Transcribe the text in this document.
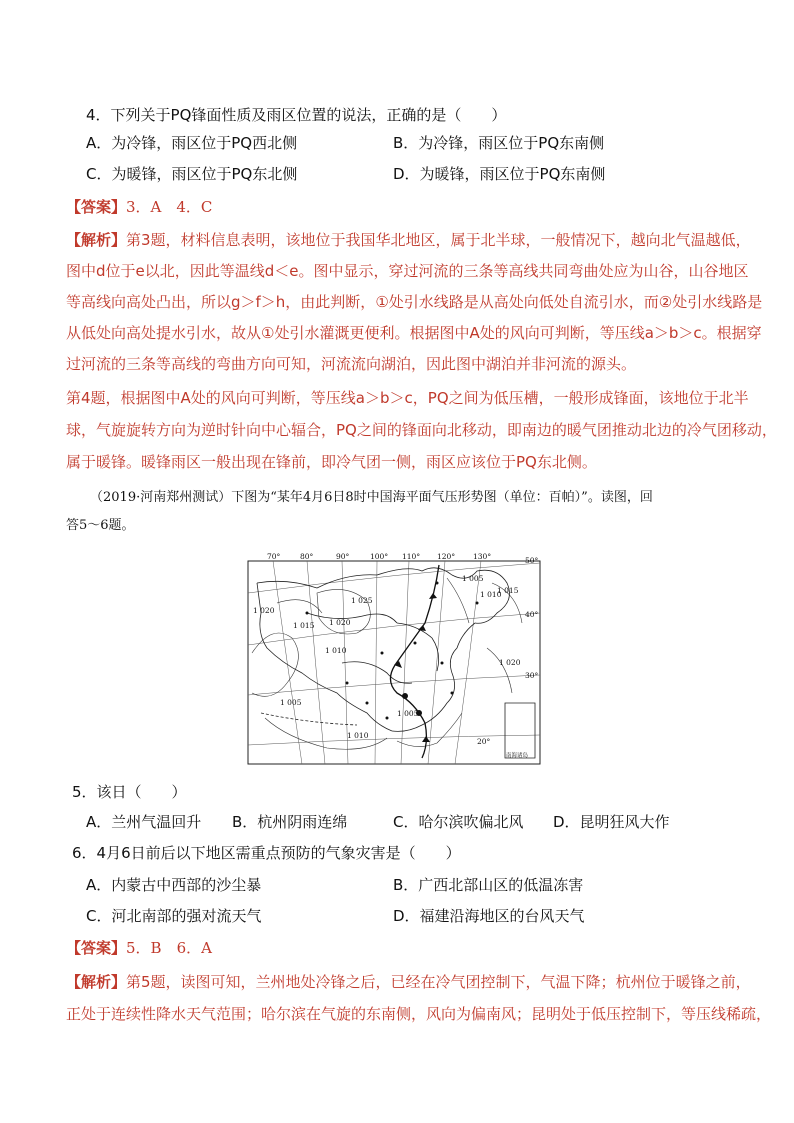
4．下列关于PQ锋面性质及雨区位置的说法，正确的是（　　）
A．为冷锋，雨区位于PQ西北侧	B．为冷锋，雨区位于PQ东南侧
C．为暖锋，雨区位于PQ东北侧	D．为暖锋，雨区位于PQ东南侧
【答案】3．A　4．C
【解析】第3题，材料信息表明，该地位于我国华北地区，属于北半球，一般情况下，越向北气温越低，
图中d位于e以北，因此等温线d＜e。图中显示，穿过河流的三条等高线共同弯曲处应为山谷，山谷地区
等高线向高处凸出，所以g＞f＞h，由此判断，①处引水线路是从高处向低处自流引水，而②处引水线路是
从低处向高处提水引水，故从①处引水灌溉更便利。根据图中A处的风向可判断，等压线a＞b＞c。根据穿
过河流的三条等高线的弯曲方向可知，河流流向湖泊，因此图中湖泊并非河流的源头。
第4题，根据图中A处的风向可判断，等压线a＞b＞c，PQ之间为低压槽，一般形成锋面，该地位于北半
球，气旋旋转方向为逆时针向中心辐合，PQ之间的锋面向北移动，即南边的暖气团推动北边的冷气团移动，
属于暖锋。暖锋雨区一般出现在锋前，即冷气团一侧，雨区应该位于PQ东北侧。
（2019·河南郑州测试）下图为“某年4月6日8时中国海平面气压形势图（单位：百帕）”。读图，回
答5～6题。
70°	80°	90°	100° 110° 120° 130°	50°
40°
30°
20°
1 020
1 025
1 020
1 015
1 010
1 005
1 005
1 010
1 015
1 020
1 005
1 010
南海诸岛
5．该日（　　）
A．兰州气温回升 B．杭州阴雨连绵	C．哈尔滨吹偏北风 D．昆明狂风大作
6．4月6日前后以下地区需重点预防的气象灾害是（　　）
A．内蒙古中西部的沙尘暴	B．广西北部山区的低温冻害
C．河北南部的强对流天气	D．福建沿海地区的台风天气
【答案】5．B　6．A
【解析】第5题，读图可知，兰州地处冷锋之后，已经在冷气团控制下，气温下降；杭州位于暖锋之前，
正处于连续性降水天气范围；哈尔滨在气旋的东南侧，风向为偏南风；昆明处于低压控制下，等压线稀疏，
